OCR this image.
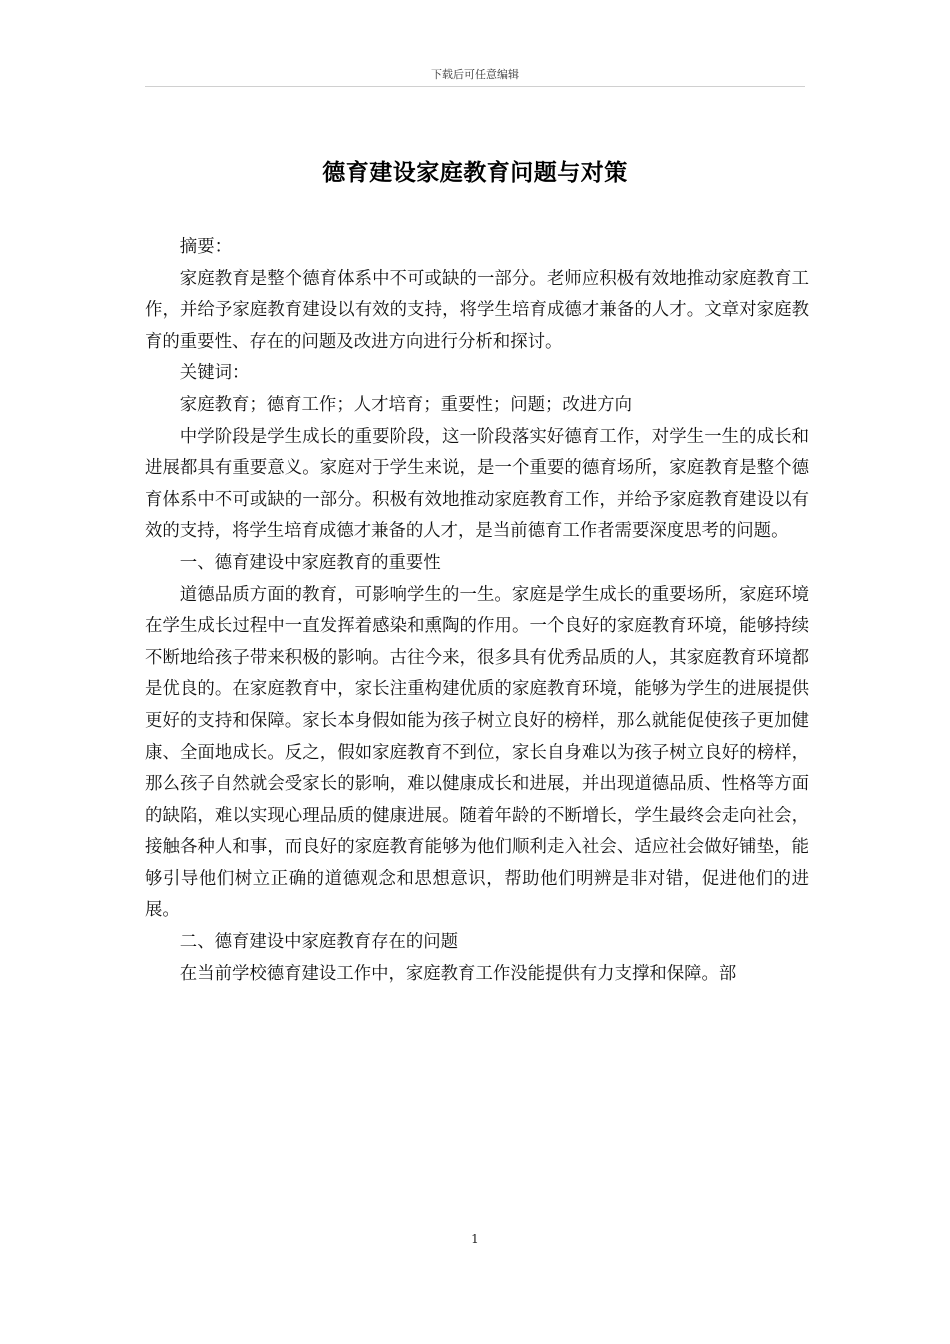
下载后可任意编辑
德育建设家庭教育问题与对策

摘要：

家庭教育是整个德育体系中不可或缺的一部分。老师应积极有效地推动家庭教育工作，并给予家庭教育建设以有效的支持，将学生培育成德才兼备的人才。文章对家庭教育的重要性、存在的问题及改进方向进行分析和探讨。

关键词：

家庭教育；德育工作；人才培育；重要性；问题；改进方向

中学阶段是学生成长的重要阶段，这一阶段落实好德育工作，对学生一生的成长和进展都具有重要意义。家庭对于学生来说，是一个重要的德育场所，家庭教育是整个德育体系中不可或缺的一部分。积极有效地推动家庭教育工作，并给予家庭教育建设以有效的支持，将学生培育成德才兼备的人才，是当前德育工作者需要深度思考的问题。

一、德育建设中家庭教育的重要性

道德品质方面的教育，可影响学生的一生。家庭是学生成长的重要场所，家庭环境在学生成长过程中一直发挥着感染和熏陶的作用。一个良好的家庭教育环境，能够持续不断地给孩子带来积极的影响。古往今来，很多具有优秀品质的人，其家庭教育环境都是优良的。在家庭教育中，家长注重构建优质的家庭教育环境，能够为学生的进展提供更好的支持和保障。家长本身假如能为孩子树立良好的榜样，那么就能促使孩子更加健康、全面地成长。反之，假如家庭教育不到位，家长自身难以为孩子树立良好的榜样，那么孩子自然就会受家长的影响，难以健康成长和进展，并出现道德品质、性格等方面的缺陷，难以实现心理品质的健康进展。随着年龄的不断增长，学生最终会走向社会，接触各种人和事，而良好的家庭教育能够为他们顺利走入社会、适应社会做好铺垫，能够引导他们树立正确的道德观念和思想意识，帮助他们明辨是非对错，促进他们的进展。

二、德育建设中家庭教育存在的问题

在当前学校德育建设工作中，家庭教育工作没能提供有力支撑和保障。部

1
